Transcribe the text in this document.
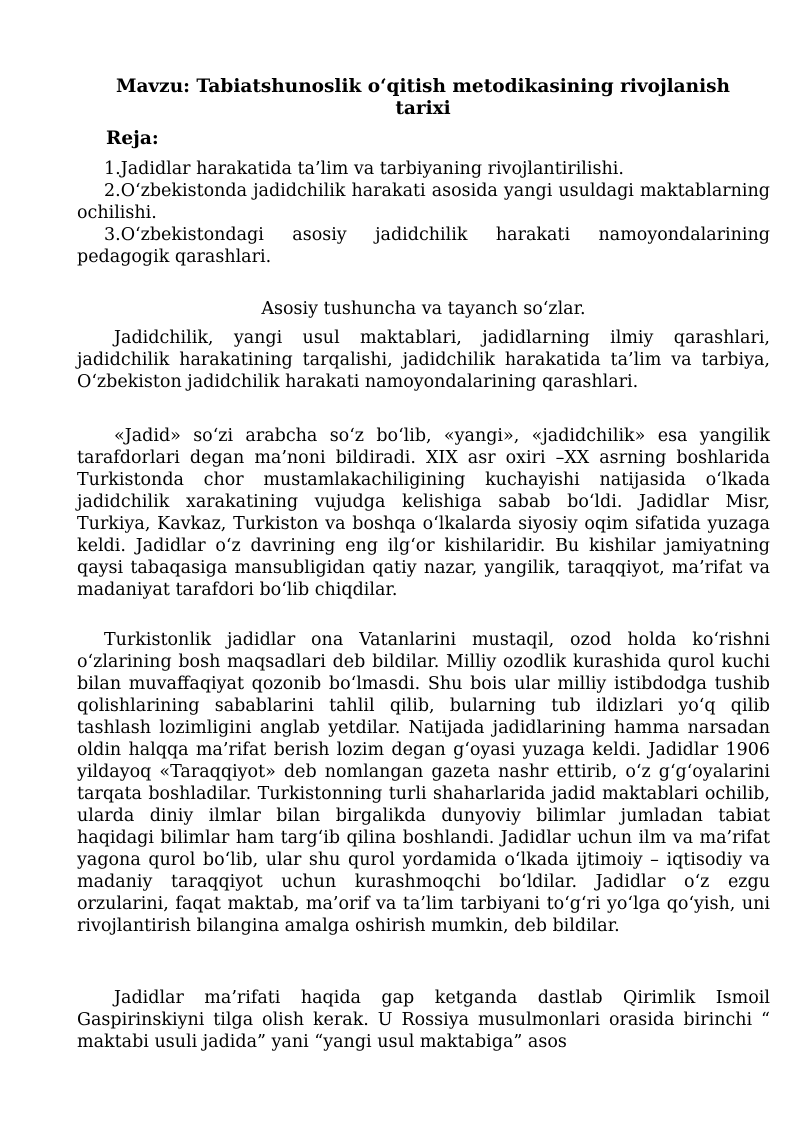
Mavzu: Tabiatshunoslik o‘qitish metodikasining rivojlanish tarixi
Reja:
1.Jadidlar harakatida ta’lim va tarbiyaning rivojlantirilishi.
2.O‘zbekistonda jadidchilik harakati asosida yangi usuldagi maktablarning ochilishi.
3.O‘zbekistondagi asosiy jadidchilik harakati namoyondalarining pedagogik qarashlari.

Asosiy tushuncha va tayanch so‘zlar.

Jadidchilik, yangi usul maktablari, jadidlarning ilmiy qarashlari, jadidchilik harakatining tarqalishi, jadidchilik harakatida ta’lim va tarbiya, O‘zbekiston jadidchilik harakati namoyondalarining qarashlari.

«Jadid» so‘zi arabcha so‘z bo‘lib, «yangi», «jadidchilik» esa yangilik tarafdorlari degan ma’noni bildiradi. XIX asr oxiri –XX asrning boshlarida Turkistonda chor mustamlakachiligining kuchayishi natijasida o‘lkada jadidchilik xarakatining vujudga kelishiga sabab bo‘ldi. Jadidlar Misr, Turkiya, Kavkaz, Turkiston va boshqa o‘lkalarda siyosiy oqim sifatida yuzaga keldi. Jadidlar o‘z davrining eng ilg‘or kishilaridir. Bu kishilar jamiyatning qaysi tabaqasiga mansubligidan qatiy nazar, yangilik, taraqqiyot, ma’rifat va madaniyat tarafdori bo‘lib chiqdilar.

Turkistonlik jadidlar ona Vatanlarini mustaqil, ozod holda ko‘rishni o‘zlarining bosh maqsadlari deb bildilar. Milliy ozodlik kurashida qurol kuchi bilan muvaffaqiyat qozonib bo‘lmasdi. Shu bois ular milliy istibdodga tushib qolishlarining sabablarini tahlil qilib, bularning tub ildizlari yo‘q qilib tashlash lozimligini anglab yetdilar. Natijada jadidlarining hamma narsadan oldin halqqa ma’rifat berish lozim degan g‘oyasi yuzaga keldi. Jadidlar 1906 yildayoq «Taraqqiyot» deb nomlangan gazeta nashr ettirib, o‘z g‘g‘oyalarini tarqata boshladilar. Turkistonning turli shaharlarida jadid maktablari ochilib, ularda diniy ilmlar bilan birgalikda dunyoviy bilimlar jumladan tabiat haqidagi bilimlar ham targ‘ib qilina boshlandi. Jadidlar uchun ilm va ma’rifat yagona qurol bo‘lib, ular shu qurol yordamida o‘lkada ijtimoiy – iqtisodiy va madaniy taraqqiyot uchun kurashmoqchi bo‘ldilar. Jadidlar o‘z ezgu orzularini, faqat maktab, ma’orif va ta’lim tarbiyani to‘g‘ri yo‘lga qo‘yish, uni rivojlantirish bilangina amalga oshirish mumkin, deb bildilar.

Jadidlar ma’rifati haqida gap ketganda dastlab Qirimlik Ismoil Gaspirinskiyni tilga olish kerak. U Rossiya musulmonlari orasida birinchi “ maktabi usuli jadida” yani “yangi usul maktabiga” asos
